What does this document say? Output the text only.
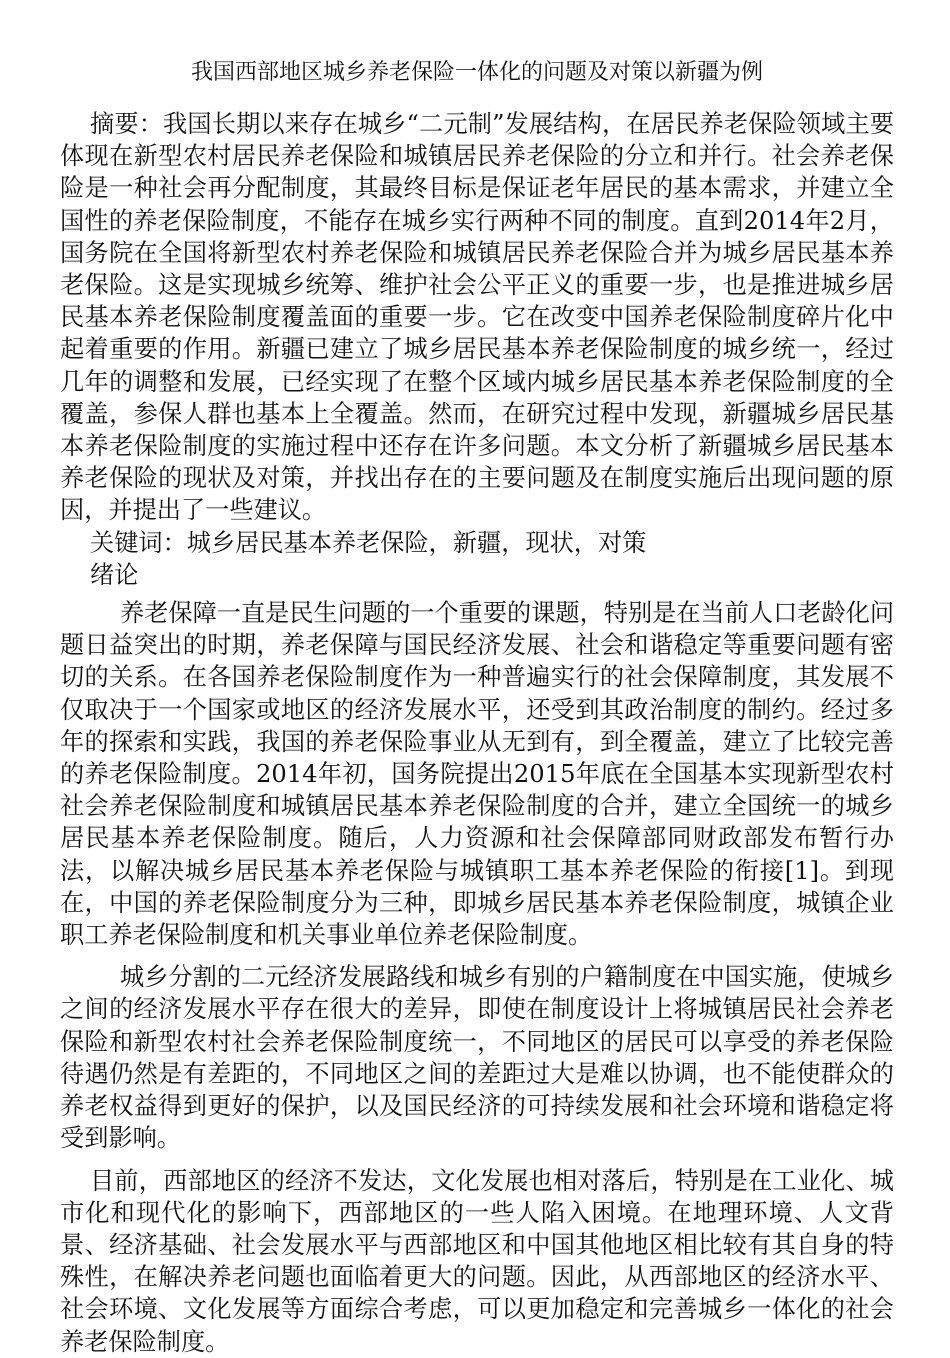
我国西部地区城乡养老保险一体化的问题及对策以新疆为例

摘要：我国长期以来存在城乡“二元制”发展结构，在居民养老保险领域主要体现在新型农村居民养老保险和城镇居民养老保险的分立和并行。社会养老保险是一种社会再分配制度，其最终目标是保证老年居民的基本需求，并建立全国性的养老保险制度，不能存在城乡实行两种不同的制度。直到2014年2月，国务院在全国将新型农村养老保险和城镇居民养老保险合并为城乡居民基本养老保险。这是实现城乡统筹、维护社会公平正义的重要一步，也是推进城乡居民基本养老保险制度覆盖面的重要一步。它在改变中国养老保险制度碎片化中起着重要的作用。新疆已建立了城乡居民基本养老保险制度的城乡统一，经过几年的调整和发展，已经实现了在整个区域内城乡居民基本养老保险制度的全覆盖，参保人群也基本上全覆盖。然而，在研究过程中发现，新疆城乡居民基本养老保险制度的实施过程中还存在许多问题。本文分析了新疆城乡居民基本养老保险的现状及对策，并找出存在的主要问题及在制度实施后出现问题的原因，并提出了一些建议。

关键词：城乡居民基本养老保险，新疆，现状，对策

绪论

养老保障一直是民生问题的一个重要的课题，特别是在当前人口老龄化问题日益突出的时期，养老保障与国民经济发展、社会和谐稳定等重要问题有密切的关系。在各国养老保险制度作为一种普遍实行的社会保障制度，其发展不仅取决于一个国家或地区的经济发展水平，还受到其政治制度的制约。经过多年的探索和实践，我国的养老保险事业从无到有，到全覆盖，建立了比较完善的养老保险制度。2014年初，国务院提出2015年底在全国基本实现新型农村社会养老保险制度和城镇居民基本养老保险制度的合并，建立全国统一的城乡居民基本养老保险制度。随后，人力资源和社会保障部同财政部发布暂行办法，以解决城乡居民基本养老保险与城镇职工基本养老保险的衔接[1]。到现在，中国的养老保险制度分为三种，即城乡居民基本养老保险制度，城镇企业职工养老保险制度和机关事业单位养老保险制度。

城乡分割的二元经济发展路线和城乡有别的户籍制度在中国实施，使城乡之间的经济发展水平存在很大的差异，即使在制度设计上将城镇居民社会养老保险和新型农村社会养老保险制度统一，不同地区的居民可以享受的养老保险待遇仍然是有差距的，不同地区之间的差距过大是难以协调，也不能使群众的养老权益得到更好的保护，以及国民经济的可持续发展和社会环境和谐稳定将受到影响。

目前，西部地区的经济不发达，文化发展也相对落后，特别是在工业化、城市化和现代化的影响下，西部地区的一些人陷入困境。在地理环境、人文背景、经济基础、社会发展水平与西部地区和中国其他地区相比较有其自身的特殊性，在解决养老问题也面临着更大的问题。因此，从西部地区的经济水平、社会环境、文化发展等方面综合考虑，可以更加稳定和完善城乡一体化的社会养老保险制度。
